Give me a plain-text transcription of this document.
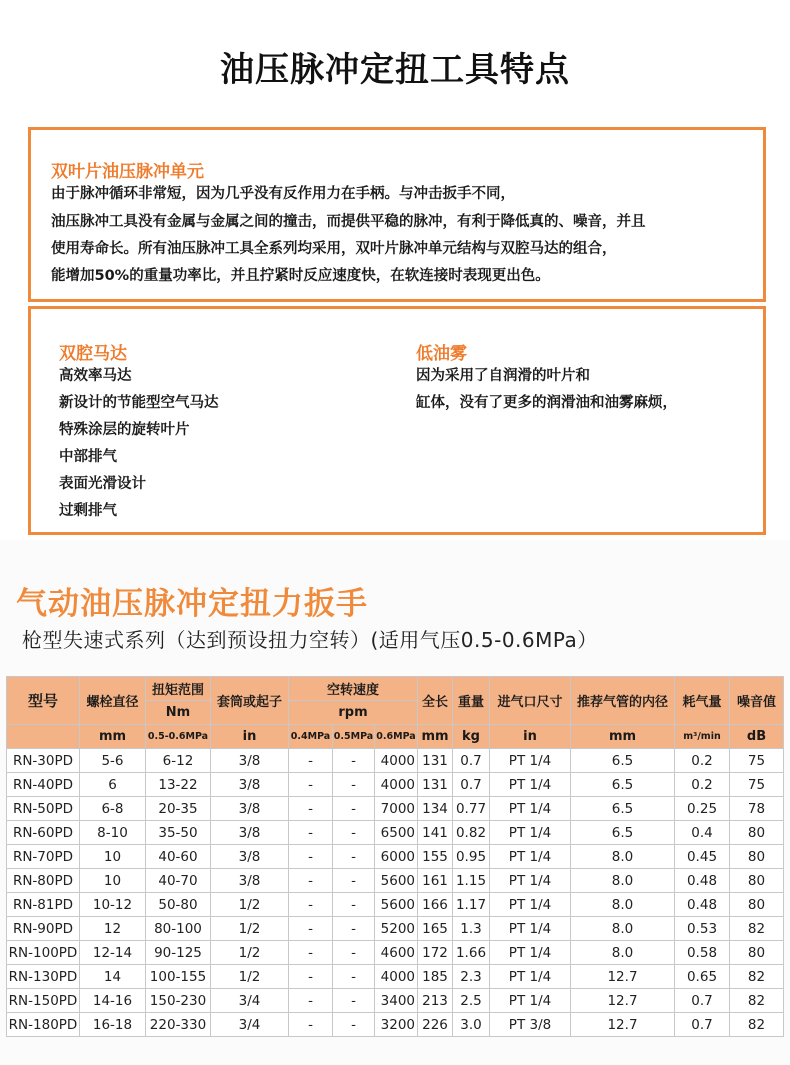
油压脉冲定扭工具特点
双叶片油压脉冲单元
由于脉冲循环非常短，因为几乎没有反作用力在手柄。与冲击扳手不同，
油压脉冲工具没有金属与金属之间的撞击，而提供平稳的脉冲，有利于降低真的、噪音，并且
使用寿命长。所有油压脉冲工具全系列均采用，双叶片脉冲单元结构与双腔马达的组合，
能增加50%的重量功率比，并且拧紧时反应速度快，在软连接时表现更出色。
双腔马达
高效率马达
新设计的节能型空气马达
特殊涂层的旋转叶片
中部排气
表面光滑设计
过剩排气
低油雾
因为采用了自润滑的叶片和
缸体，没有了更多的润滑油和油雾麻烦，
气动油压脉冲定扭力扳手
枪型失速式系列（达到预设扭力空转）(适用气压0.5-0.6MPa）
型号	螺栓直径	扭矩范围	套筒或起子	空转速度			全长	重量	进气口尺寸	推荐气管的内径	耗气量	噪音值
		Nm		rpm								
	mm	0.5-0.6MPa	in	0.4MPa	0.5MPa	0.6MPa	mm	kg	in	mm	m³/min	dB
RN-30PD	5-6	6-12	3/8	-	-	4000	131	0.7	PT 1/4	6.5	0.2	75
RN-40PD	6	13-22	3/8	-	-	4000	131	0.7	PT 1/4	6.5	0.2	75
RN-50PD	6-8	20-35	3/8	-	-	7000	134	0.77	PT 1/4	6.5	0.25	78
RN-60PD	8-10	35-50	3/8	-	-	6500	141	0.82	PT 1/4	6.5	0.4	80
RN-70PD	10	40-60	3/8	-	-	6000	155	0.95	PT 1/4	8.0	0.45	80
RN-80PD	10	40-70	3/8	-	-	5600	161	1.15	PT 1/4	8.0	0.48	80
RN-81PD	10-12	50-80	1/2	-	-	5600	166	1.17	PT 1/4	8.0	0.48	80
RN-90PD	12	80-100	1/2	-	-	5200	165	1.3	PT 1/4	8.0	0.53	82
RN-100PD	12-14	90-125	1/2	-	-	4600	172	1.66	PT 1/4	8.0	0.58	80
RN-130PD	14	100-155	1/2	-	-	4000	185	2.3	PT 1/4	12.7	0.65	82
RN-150PD	14-16	150-230	3/4	-	-	3400	213	2.5	PT 1/4	12.7	0.7	82
RN-180PD	16-18	220-330	3/4	-	-	3200	226	3.0	PT 3/8	12.7	0.7	82
